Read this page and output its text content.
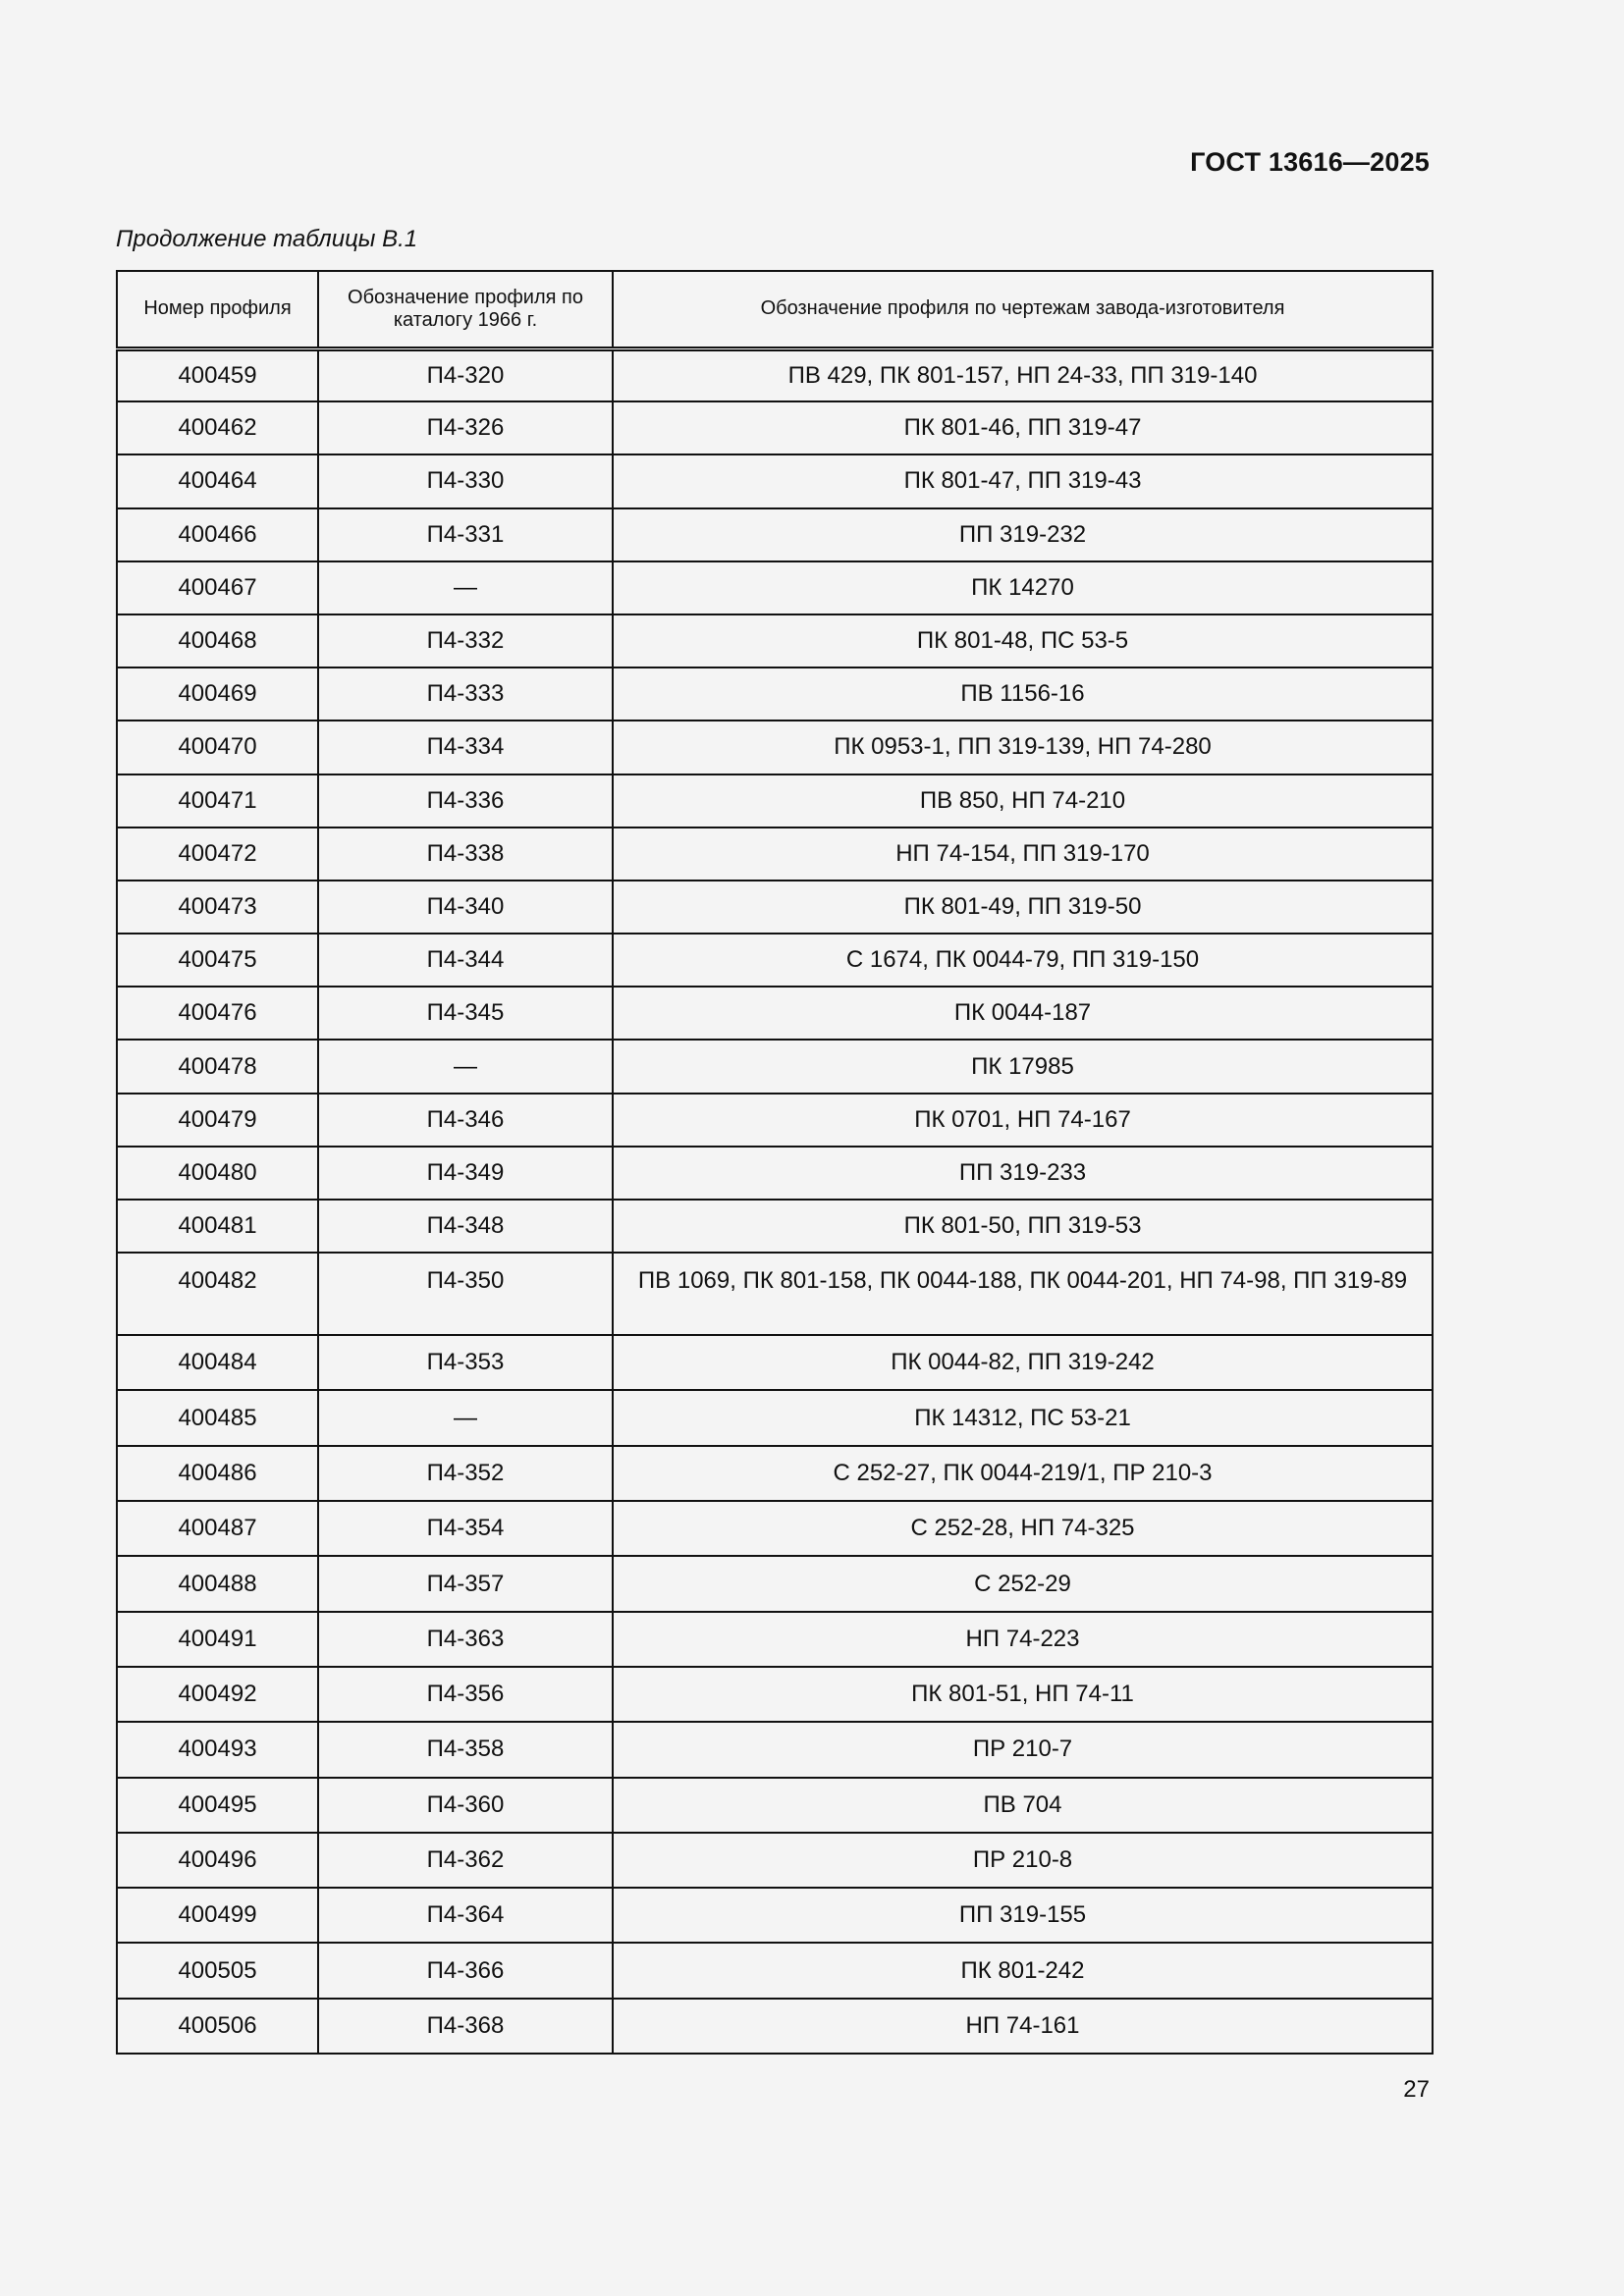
ГОСТ 13616—2025
Продолжение таблицы В.1
Номер профиля	Обозначение профиля по каталогу 1966 г.	Обозначение профиля по чертежам завода-изготовителя
400459	П4-320	ПВ 429, ПК 801-157, НП 24-33, ПП 319-140
400462	П4-326	ПК 801-46, ПП 319-47
400464	П4-330	ПК 801-47, ПП 319-43
400466	П4-331	ПП 319-232
400467	—	ПК 14270
400468	П4-332	ПК 801-48, ПС 53-5
400469	П4-333	ПВ 1156-16
400470	П4-334	ПК 0953-1, ПП 319-139, НП 74-280
400471	П4-336	ПВ 850, НП 74-210
400472	П4-338	НП 74-154, ПП 319-170
400473	П4-340	ПК 801-49, ПП 319-50
400475	П4-344	С 1674, ПК 0044-79, ПП 319-150
400476	П4-345	ПК 0044-187
400478	—	ПК 17985
400479	П4-346	ПК 0701, НП 74-167
400480	П4-349	ПП 319-233
400481	П4-348	ПК 801-50, ПП 319-53
400482	П4-350	ПВ 1069, ПК 801-158, ПК 0044-188, ПК 0044-201, НП 74-98, ПП 319-89
400484	П4-353	ПК 0044-82, ПП 319-242
400485	—	ПК 14312, ПС 53-21
400486	П4-352	С 252-27, ПК 0044-219/1, ПР 210-3
400487	П4-354	С 252-28, НП 74-325
400488	П4-357	С 252-29
400491	П4-363	НП 74-223
400492	П4-356	ПК 801-51, НП 74-11
400493	П4-358	ПР 210-7
400495	П4-360	ПВ 704
400496	П4-362	ПР 210-8
400499	П4-364	ПП 319-155
400505	П4-366	ПК 801-242
400506	П4-368	НП 74-161
27
